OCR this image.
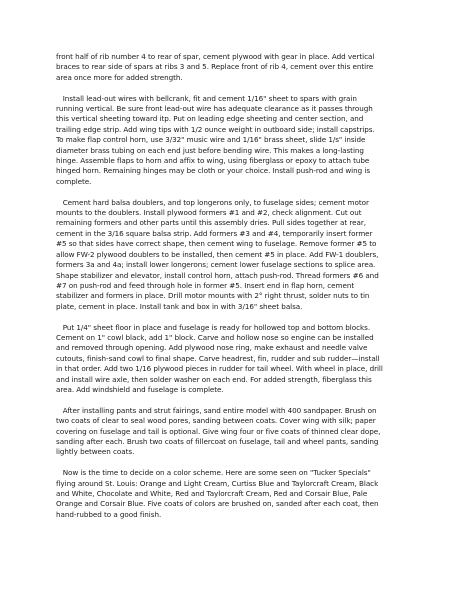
front half of rib number 4 to rear of spar, cement plywood with gear in place. Add vertical
braces to rear side of spars at ribs 3 and 5. Replace front of rib 4, cement over this entire
area once more for added strength.

Install lead-out wires with bellcrank, fit and cement 1/16" sheet to spars with grain
running vertical. Be sure front lead-out wire has adequate clearance as it passes through
this vertical sheeting toward itp. Put on leading edge sheeting and center section, and
trailing edge strip. Add wing tips with 1/2 ounce weight in outboard side; install capstrips.
To make flap control horn, use 3/32" music wire and 1/16" brass sheet, slide 1/s" inside
diameter brass tubing on each end just before bending wire. This makes a long-lasting
hinge. Assemble flaps to horn and affix to wing, using fiberglass or epoxy to attach tube
hinged horn. Remaining hinges may be cloth or your choice. Install push-rod and wing is
complete.

Cement hard balsa doublers, and top longerons only, to fuselage sides; cement motor
mounts to the doublers. Install plywood formers #1 and #2, check alignment. Cut out
remaining formers and other parts until this assembly dries. Pull sides together at rear,
cement in the 3/16 square balsa strip. Add formers #3 and #4, temporarily insert former
#5 so that sides have correct shape, then cement wing to fuselage. Remove former #5 to
allow FW-2 plywood doublers to be installed, then cement #5 in place. Add FW-1 doublers,
formers 3a and 4a; install lower longerons; cement lower fuselage sections to splice area.
Shape stabilizer and elevator, install control horn, attach push-rod. Thread formers #6 and
#7 on push-rod and feed through hole in former #5. Insert end in flap horn, cement
stabilizer and formers in place. Drill motor mounts with 2° right thrust, solder nuts to tin
plate, cement in place. Install tank and box in with 3/16" sheet balsa.

Put 1/4" sheet floor in place and fuselage is ready for hollowed top and bottom blocks.
Cement on 1" cowl black, add 1" block. Carve and hollow nose so engine can be installed
and removed through opening. Add plywood nose ring, make exhaust and needle valve
cutouts, finish-sand cowl to final shape. Carve headrest, fin, rudder and sub rudder—install
in that order. Add two 1/16 plywood pieces in rudder for tail wheel. With wheel in place, drill
and install wire axle, then solder washer on each end. For added strength, fiberglass this
area. Add windshield and fuselage is complete.

After installing pants and strut fairings, sand entire model with 400 sandpaper. Brush on
two coats of clear to seal wood pores, sanding between coats. Cover wing with silk; paper
covering on fuselage and tail is optional. Give wing four or five coats of thinned clear dope,
sanding after each. Brush two coats of fillercoat on fuselage, tail and wheel pants, sanding
lightly between coats.

Now is the time to decide on a color scheme. Here are some seen on "Tucker Specials"
flying around St. Louis: Orange and Light Cream, Curtiss Blue and Taylorcraft Cream, Black
and White, Chocolate and White, Red and Taylorcraft Cream, Red and Corsair Blue, Pale
Orange and Corsair Blue. Five coats of colors are brushed on, sanded after each coat, then
hand-rubbed to a good finish.
